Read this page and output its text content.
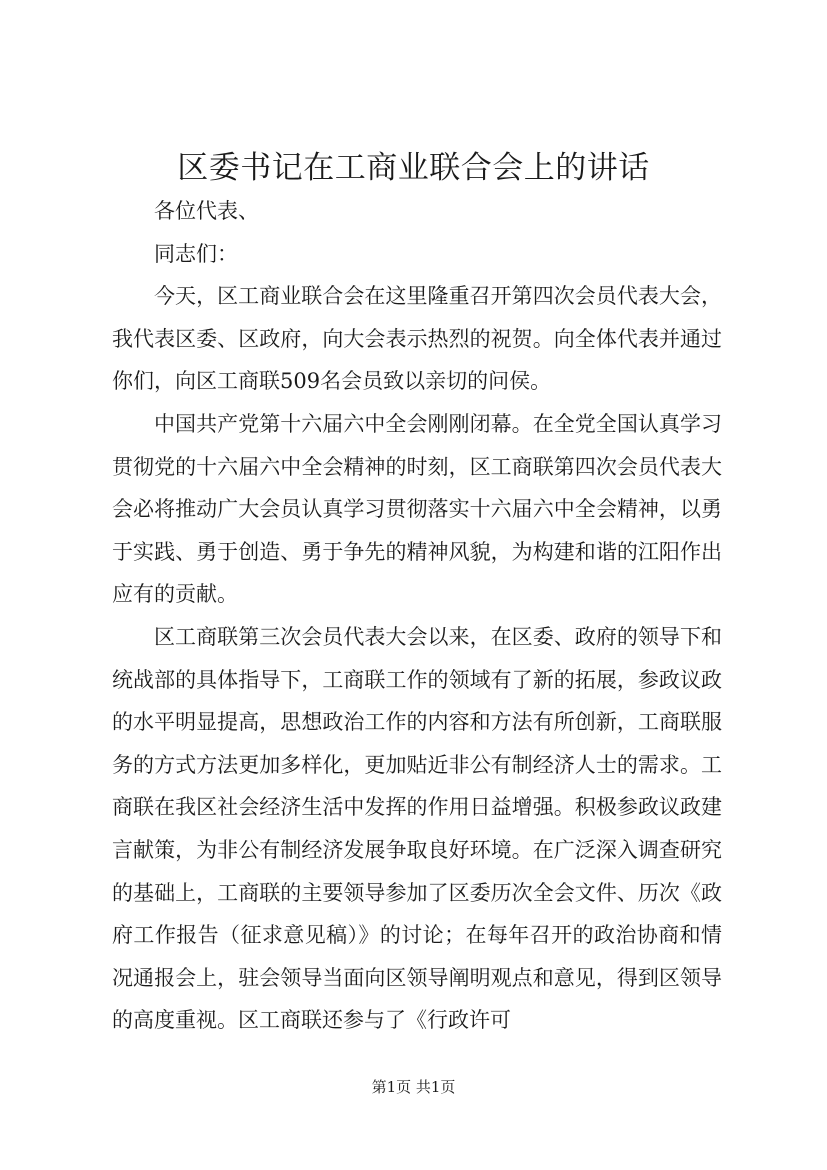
区委书记在工商业联合会上的讲话

各位代表、

同志们：

今天，区工商业联合会在这里隆重召开第四次会员代表大会，我代表区委、区政府，向大会表示热烈的祝贺。向全体代表并通过你们，向区工商联509名会员致以亲切的问侯。

中国共产党第十六届六中全会刚刚闭幕。在全党全国认真学习贯彻党的十六届六中全会精神的时刻，区工商联第四次会员代表大会必将推动广大会员认真学习贯彻落实十六届六中全会精神，以勇于实践、勇于创造、勇于争先的精神风貌，为构建和谐的江阳作出应有的贡献。

区工商联第三次会员代表大会以来，在区委、政府的领导下和统战部的具体指导下，工商联工作的领域有了新的拓展，参政议政的水平明显提高，思想政治工作的内容和方法有所创新，工商联服务的方式方法更加多样化，更加贴近非公有制经济人士的需求。工商联在我区社会经济生活中发挥的作用日益增强。积极参政议政建言献策，为非公有制经济发展争取良好环境。在广泛深入调查研究的基础上，工商联的主要领导参加了区委历次全会文件、历次《政府工作报告（征求意见稿）》的讨论；在每年召开的政治协商和情况通报会上，驻会领导当面向区领导阐明观点和意见，得到区领导的高度重视。区工商联还参与了《行政许可

第1页 共1页
